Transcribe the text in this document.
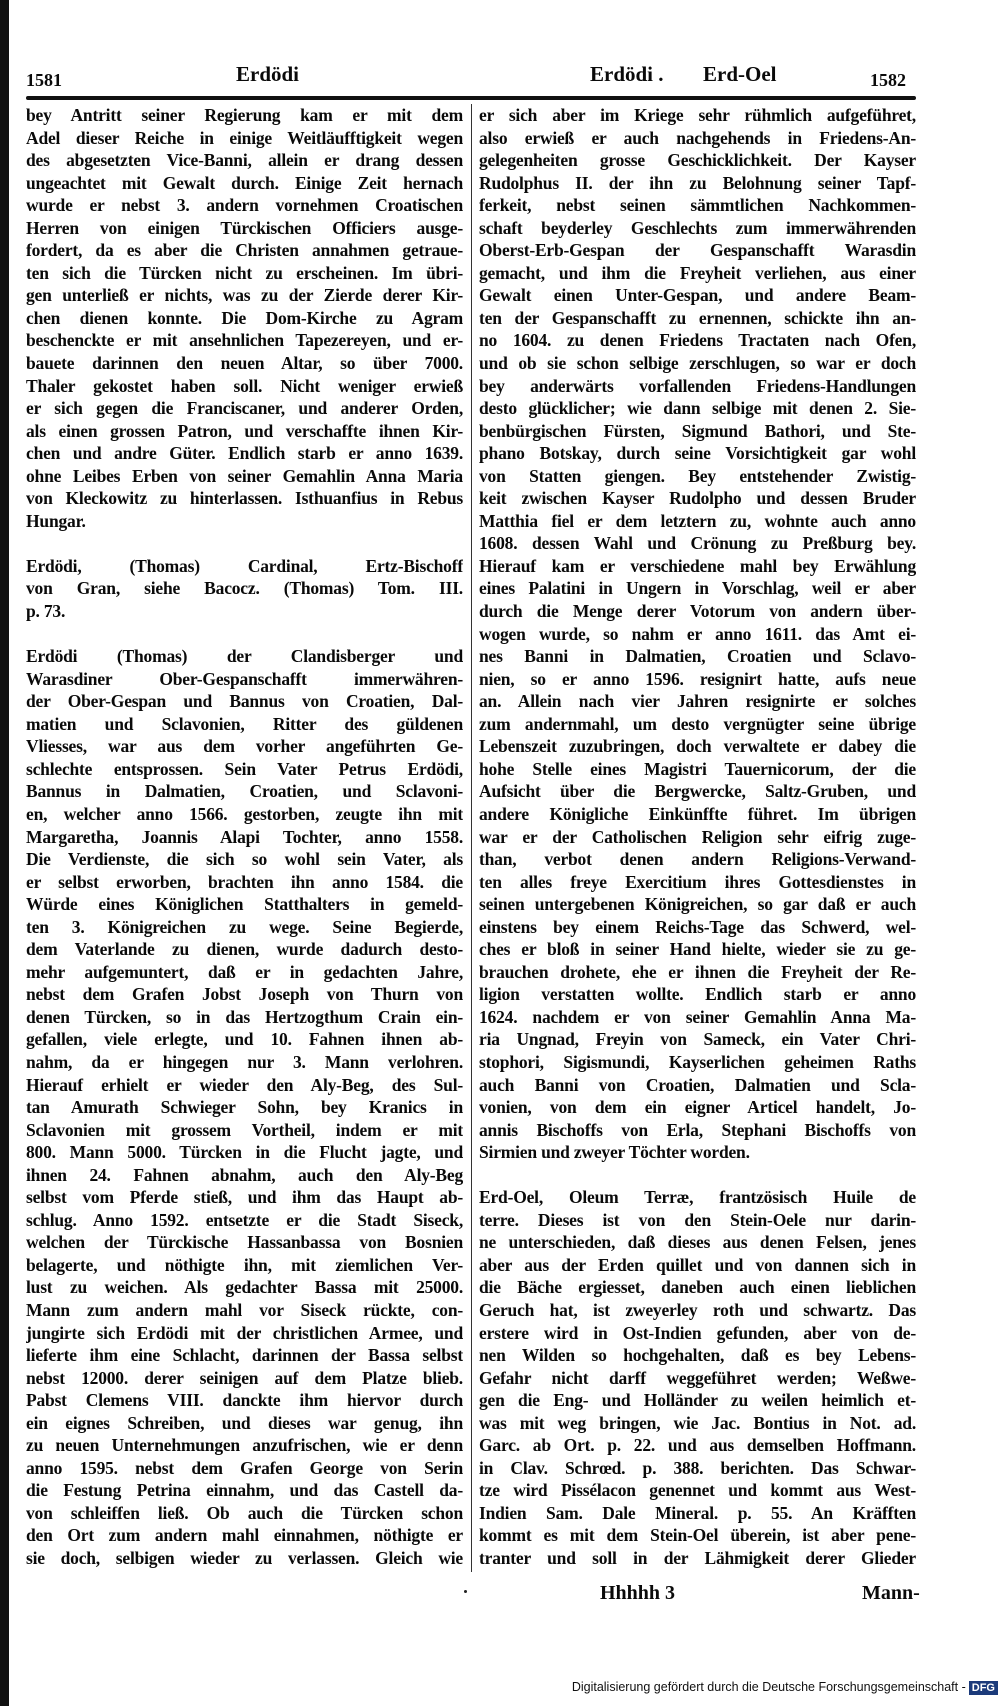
1581	Erdödi	Erdödi . Erd-Oel	1582
bey Antritt seiner Regierung kam er mit dem
Adel dieser Reiche in einige Weitläufftigkeit wegen
des abgesetzten Vice-Banni, allein er drang dessen
ungeachtet mit Gewalt durch. Einige Zeit hernach
wurde er nebst 3. andern vornehmen Croatischen
Herren von einigen Türckischen Officiers ausge-
fordert, da es aber die Christen annahmen getraue-
ten sich die Türcken nicht zu erscheinen. Im übri-
gen unterließ er nichts, was zu der Zierde derer Kir-
chen dienen konnte. Die Dom-Kirche zu Agram
beschenckte er mit ansehnlichen Tapezereyen, und er-
bauete darinnen den neuen Altar, so über 7000.
Thaler gekostet haben soll. Nicht weniger erwieß
er sich gegen die Franciscaner, und anderer Orden,
als einen grossen Patron, und verschaffte ihnen Kir-
chen und andre Güter. Endlich starb er anno 1639.
ohne Leibes Erben von seiner Gemahlin Anna Maria
von Kleckowitz zu hinterlassen. Isthuanfius in Rebus
Hungar.
Erdödi, (Thomas) Cardinal, Ertz-Bischoff
von Gran, siehe Bacocz. (Thomas) Tom. III.
p. 73.
Erdödi (Thomas) der Clandisberger und
Warasdiner Ober-Gespanschafft immerwähren-
der Ober-Gespan und Bannus von Croatien, Dal-
matien und Sclavonien, Ritter des güldenen
Vliesses, war aus dem vorher angeführten Ge-
schlechte entsprossen. Sein Vater Petrus Erdödi,
Bannus in Dalmatien, Croatien, und Sclavoni-
en, welcher anno 1566. gestorben, zeugte ihn mit
Margaretha, Joannis Alapi Tochter, anno 1558.
Die Verdienste, die sich so wohl sein Vater, als
er selbst erworben, brachten ihn anno 1584. die
Würde eines Königlichen Statthalters in gemeld-
ten 3. Königreichen zu wege. Seine Begierde,
dem Vaterlande zu dienen, wurde dadurch desto-
mehr aufgemuntert, daß er in gedachten Jahre,
nebst dem Grafen Jobst Joseph von Thurn von
denen Türcken, so in das Hertzogthum Crain ein-
gefallen, viele erlegte, und 10. Fahnen ihnen ab-
nahm, da er hingegen nur 3. Mann verlohren.
Hierauf erhielt er wieder den Aly-Beg, des Sul-
tan Amurath Schwieger Sohn, bey Kranics in
Sclavonien mit grossem Vortheil, indem er mit
800. Mann 5000. Türcken in die Flucht jagte, und
ihnen 24. Fahnen abnahm, auch den Aly-Beg
selbst vom Pferde stieß, und ihm das Haupt ab-
schlug. Anno 1592. entsetzte er die Stadt Siseck,
welchen der Türckische Hassanbassa von Bosnien
belagerte, und nöthigte ihn, mit ziemlichen Ver-
lust zu weichen. Als gedachter Bassa mit 25000.
Mann zum andern mahl vor Siseck rückte, con-
jungirte sich Erdödi mit der christlichen Armee, und
lieferte ihm eine Schlacht, darinnen der Bassa selbst
nebst 12000. derer seinigen auf dem Platze blieb.
Pabst Clemens VIII. danckte ihm hiervor durch
ein eignes Schreiben, und dieses war genug, ihn
zu neuen Unternehmungen anzufrischen, wie er denn
anno 1595. nebst dem Grafen George von Serin
die Festung Petrina einnahm, und das Castell da-
von schleiffen ließ. Ob auch die Türcken schon
den Ort zum andern mahl einnahmen, nöthigte er
sie doch, selbigen wieder zu verlassen. Gleich wie
er sich aber im Kriege sehr rühmlich aufgeführet,
also erwieß er auch nachgehends in Friedens-An-
gelegenheiten grosse Geschicklichkeit. Der Kayser
Rudolphus II. der ihn zu Belohnung seiner Tapf-
ferkeit, nebst seinen sämmtlichen Nachkommen-
schaft beyderley Geschlechts zum immerwährenden
Oberst-Erb-Gespan der Gespanschafft Warasdin
gemacht, und ihm die Freyheit verliehen, aus einer
Gewalt einen Unter-Gespan, und andere Beam-
ten der Gespanschafft zu ernennen, schickte ihn an-
no 1604. zu denen Friedens Tractaten nach Ofen,
und ob sie schon selbige zerschlugen, so war er doch
bey anderwärts vorfallenden Friedens-Handlungen
desto glücklicher; wie dann selbige mit denen 2. Sie-
benbürgischen Fürsten, Sigmund Bathori, und Ste-
phano Botskay, durch seine Vorsichtigkeit gar wohl
von Statten giengen. Bey entstehender Zwistig-
keit zwischen Kayser Rudolpho und dessen Bruder
Matthia fiel er dem letztern zu, wohnte auch anno
1608. dessen Wahl und Crönung zu Preßburg bey.
Hierauf kam er verschiedene mahl bey Erwählung
eines Palatini in Ungern in Vorschlag, weil er aber
durch die Menge derer Votorum von andern über-
wogen wurde, so nahm er anno 1611. das Amt ei-
nes Banni in Dalmatien, Croatien und Sclavo-
nien, so er anno 1596. resignirt hatte, aufs neue
an. Allein nach vier Jahren resignirte er solches
zum andernmahl, um desto vergnügter seine übrige
Lebenszeit zuzubringen, doch verwaltete er dabey die
hohe Stelle eines Magistri Tauernicorum, der die
Aufsicht über die Bergwercke, Saltz-Gruben, und
andere Königliche Einkünffte führet. Im übrigen
war er der Catholischen Religion sehr eifrig zuge-
than, verbot denen andern Religions-Verwand-
ten alles freye Exercitium ihres Gottesdienstes in
seinen untergebenen Königreichen, so gar daß er auch
einstens bey einem Reichs-Tage das Schwerd, wel-
ches er bloß in seiner Hand hielte, wieder sie zu ge-
brauchen drohete, ehe er ihnen die Freyheit der Re-
ligion verstatten wollte. Endlich starb er anno
1624. nachdem er von seiner Gemahlin Anna Ma-
ria Ungnad, Freyin von Sameck, ein Vater Chri-
stophori, Sigismundi, Kayserlichen geheimen Raths
auch Banni von Croatien, Dalmatien und Scla-
vonien, von dem ein eigner Articel handelt, Jo-
annis Bischoffs von Erla, Stephani Bischoffs von
Sirmien und zweyer Töchter worden.
Erd-Oel, Oleum Terræ, frantzösisch Huile de
terre. Dieses ist von den Stein-Oele nur darin-
ne unterschieden, daß dieses aus denen Felsen, jenes
aber aus der Erden quillet und von dannen sich in
die Bäche ergiesset, daneben auch einen lieblichen
Geruch hat, ist zweyerley roth und schwartz. Das
erstere wird in Ost-Indien gefunden, aber von de-
nen Wilden so hochgehalten, daß es bey Lebens-
Gefahr nicht darff weggeführet werden; Weßwe-
gen die Eng- und Holländer zu weilen heimlich et-
was mit weg bringen, wie Jac. Bontius in Not. ad.
Garc. ab Ort. p. 22. und aus demselben Hoffmann.
in Clav. Schrœd. p. 388. berichten. Das Schwar-
tze wird Pissélacon genennet und kommt aus West-
Indien Sam. Dale Mineral. p. 55. An Kräfften
kommt es mit dem Stein-Oel überein, ist aber pene-
tranter und soll in der Lähmigkeit derer Glieder
Hhhhh 3	Mann-
Digitalisierung gefördert durch die Deutsche Forschungsgemeinschaft - DFG
